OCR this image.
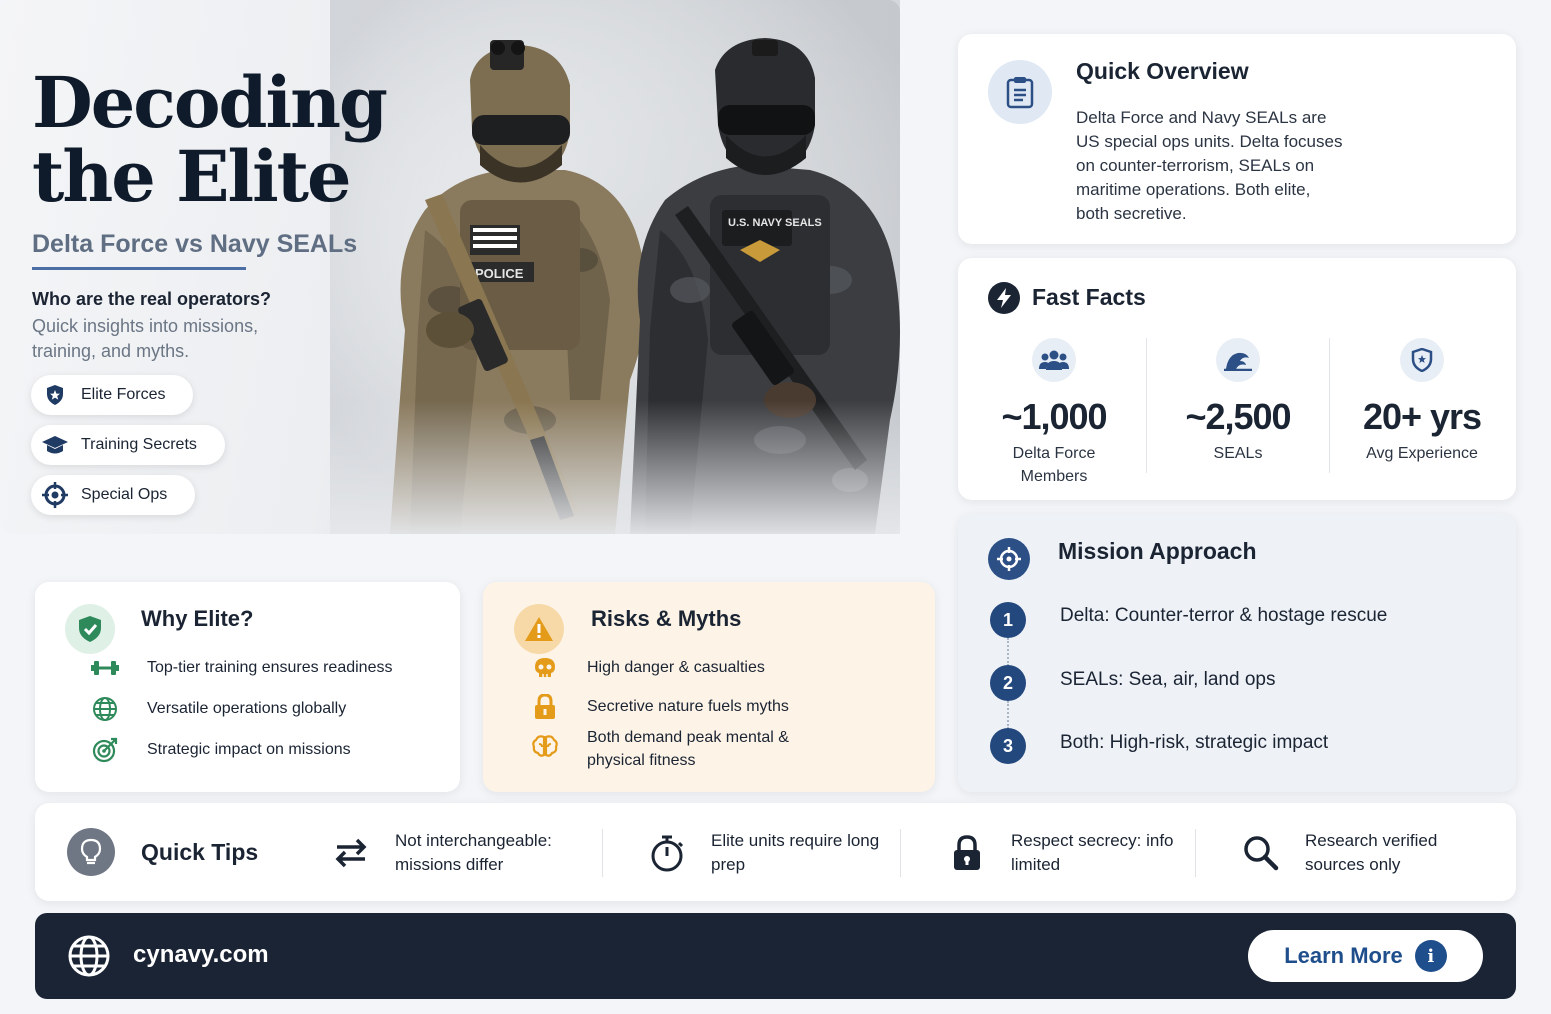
Decoding the Elite
Delta Force vs Navy SEALs
Who are the real operators?
Quick insights into missions, training, and myths.
Elite Forces
Training Secrets
Special Ops
Quick Overview
Delta Force and Navy SEALs are US special ops units. Delta focuses on counter-terrorism, SEALs on maritime operations. Both elite, both secretive.
Fast Facts
~1,000
Delta Force Members
~2,500
SEALs
20+ yrs
Avg Experience
Mission Approach
1	Delta: Counter-terror & hostage rescue
2	SEALs: Sea, air, land ops
3	Both: High-risk, strategic impact
Why Elite?
Top-tier training ensures readiness
Versatile operations globally
Strategic impact on missions
Risks & Myths
High danger & casualties
Secretive nature fuels myths
Both demand peak mental & physical fitness
Quick Tips	Not interchangeable: missions differ
Elite units require long prep
Respect secrecy: info limited
Research verified sources only
cynavy.com	Learn More	i
